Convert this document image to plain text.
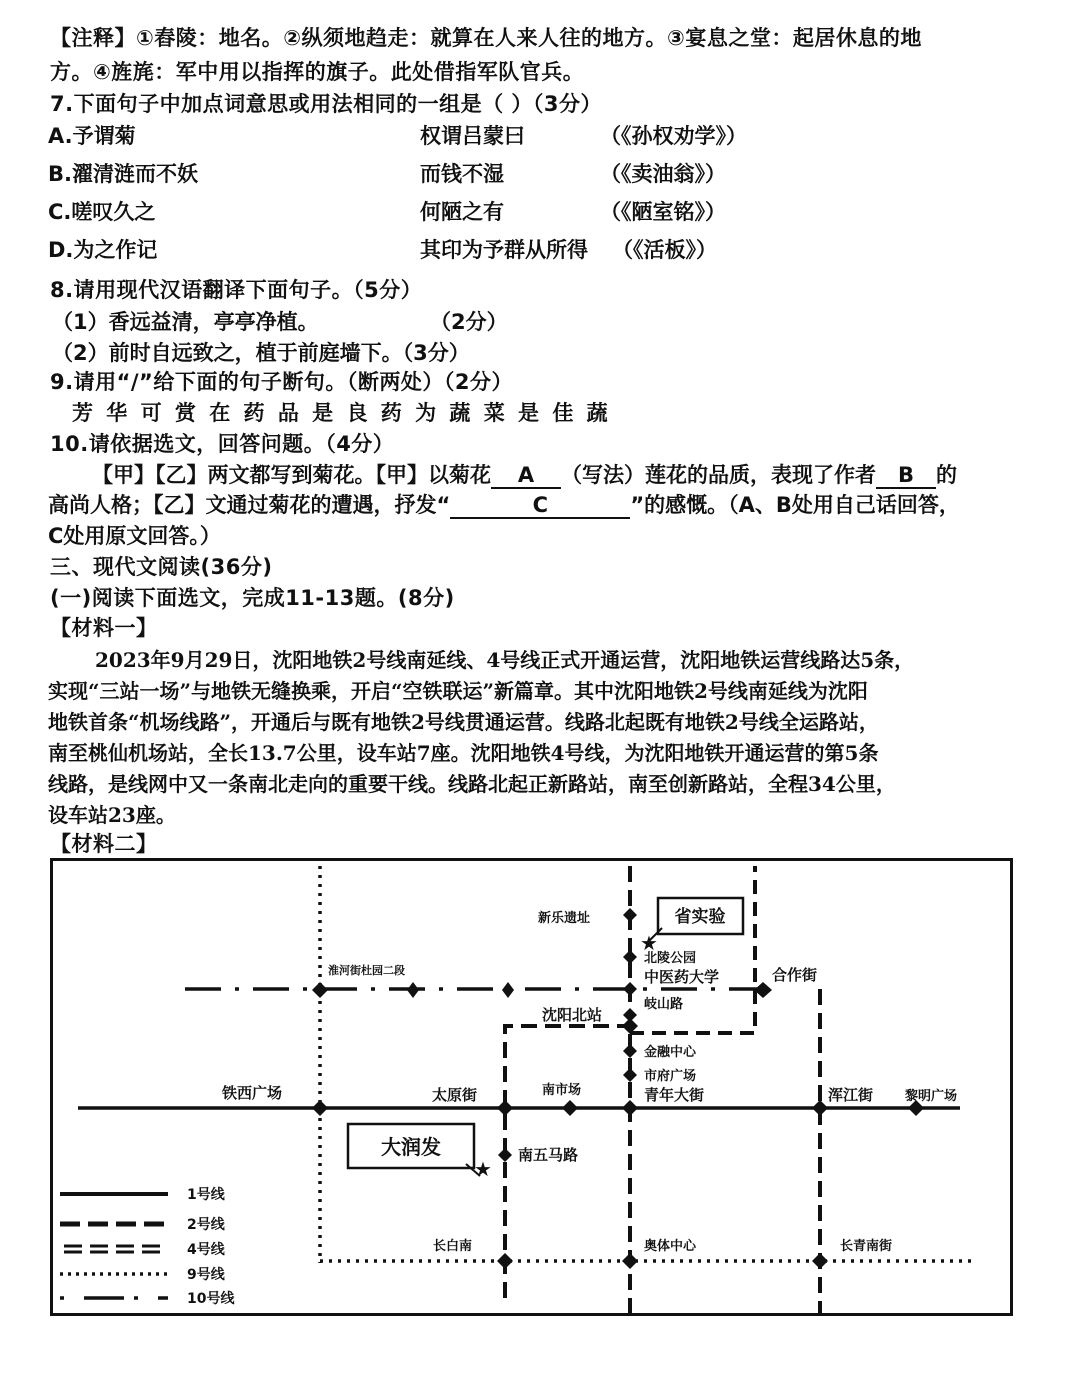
【注释】①舂陵：地名。②纵须地趋走：就算在人来人往的地方。③宴息之堂：起居休息的地
方。④旌旄：军中用以指挥的旗子。此处借指军队官兵。
7.下面句子中加点词意思或用法相同的一组是（ ）（3分）
A.予谓菊	权谓吕蒙曰	（《孙权劝学》）
B.濯清涟而不妖	而钱不湿	（《卖油翁》）
C.嗟叹久之	何陋之有	（《陋室铭》）
D.为之作记	其印为予群从所得 （《活板》）
8.请用现代汉语翻译下面句子。（5分）
（1）香远益清，亭亭净植。	（2分）
（2）前时自远致之，植于前庭墙下。（3分）
9.请用“/”给下面的句子断句。（断两处）（2分）
芳 华 可 赏 在 药 品 是 良 药 为 蔬 菜 是 佳 蔬
10.请依据选文，回答问题。（4分）
【甲】【乙】两文都写到菊花。【甲】以菊花 A （写法）莲花的品质，表现了作者 B 的
高尚人格；【乙】文通过菊花的遭遇，抒发“	C	”的感慨。（A、B处用自己话回答，
C处用原文回答。）
三、现代文阅读(36分)
(一)阅读下面选文，完成11-13题。(8分)
【材料一】
2023年9月29日，沈阳地铁2号线南延线、4号线正式开通运营，沈阳地铁运营线路达5条，
实现“三站一场”与地铁无缝换乘，开启“空铁联运”新篇章。其中沈阳地铁2号线南延线为沈阳
地铁首条“机场线路”，开通后与既有地铁2号线贯通运营。线路北起既有地铁2号线全运路站，
南至桃仙机场站，全长13.7公里，设车站7座。沈阳地铁4号线，为沈阳地铁开通运营的第5条
线路，是线网中又一条南北走向的重要干线。线路北起正新路站，南至创新路站，全程34公里，
设车站23座。
【材料二】
新乐遗址
北陵公园
中医药大学	合作街
淮河街杜园二段
岐山路
沈阳北站
金融中心
市府广场
铁西广场	太原街	南市场	青年大街	浑江街 黎明广场
南五马路
长白南	奥体中心	长青南街
省实验
★
大润发
★
1号线
2号线
4号线
9号线
10号线
